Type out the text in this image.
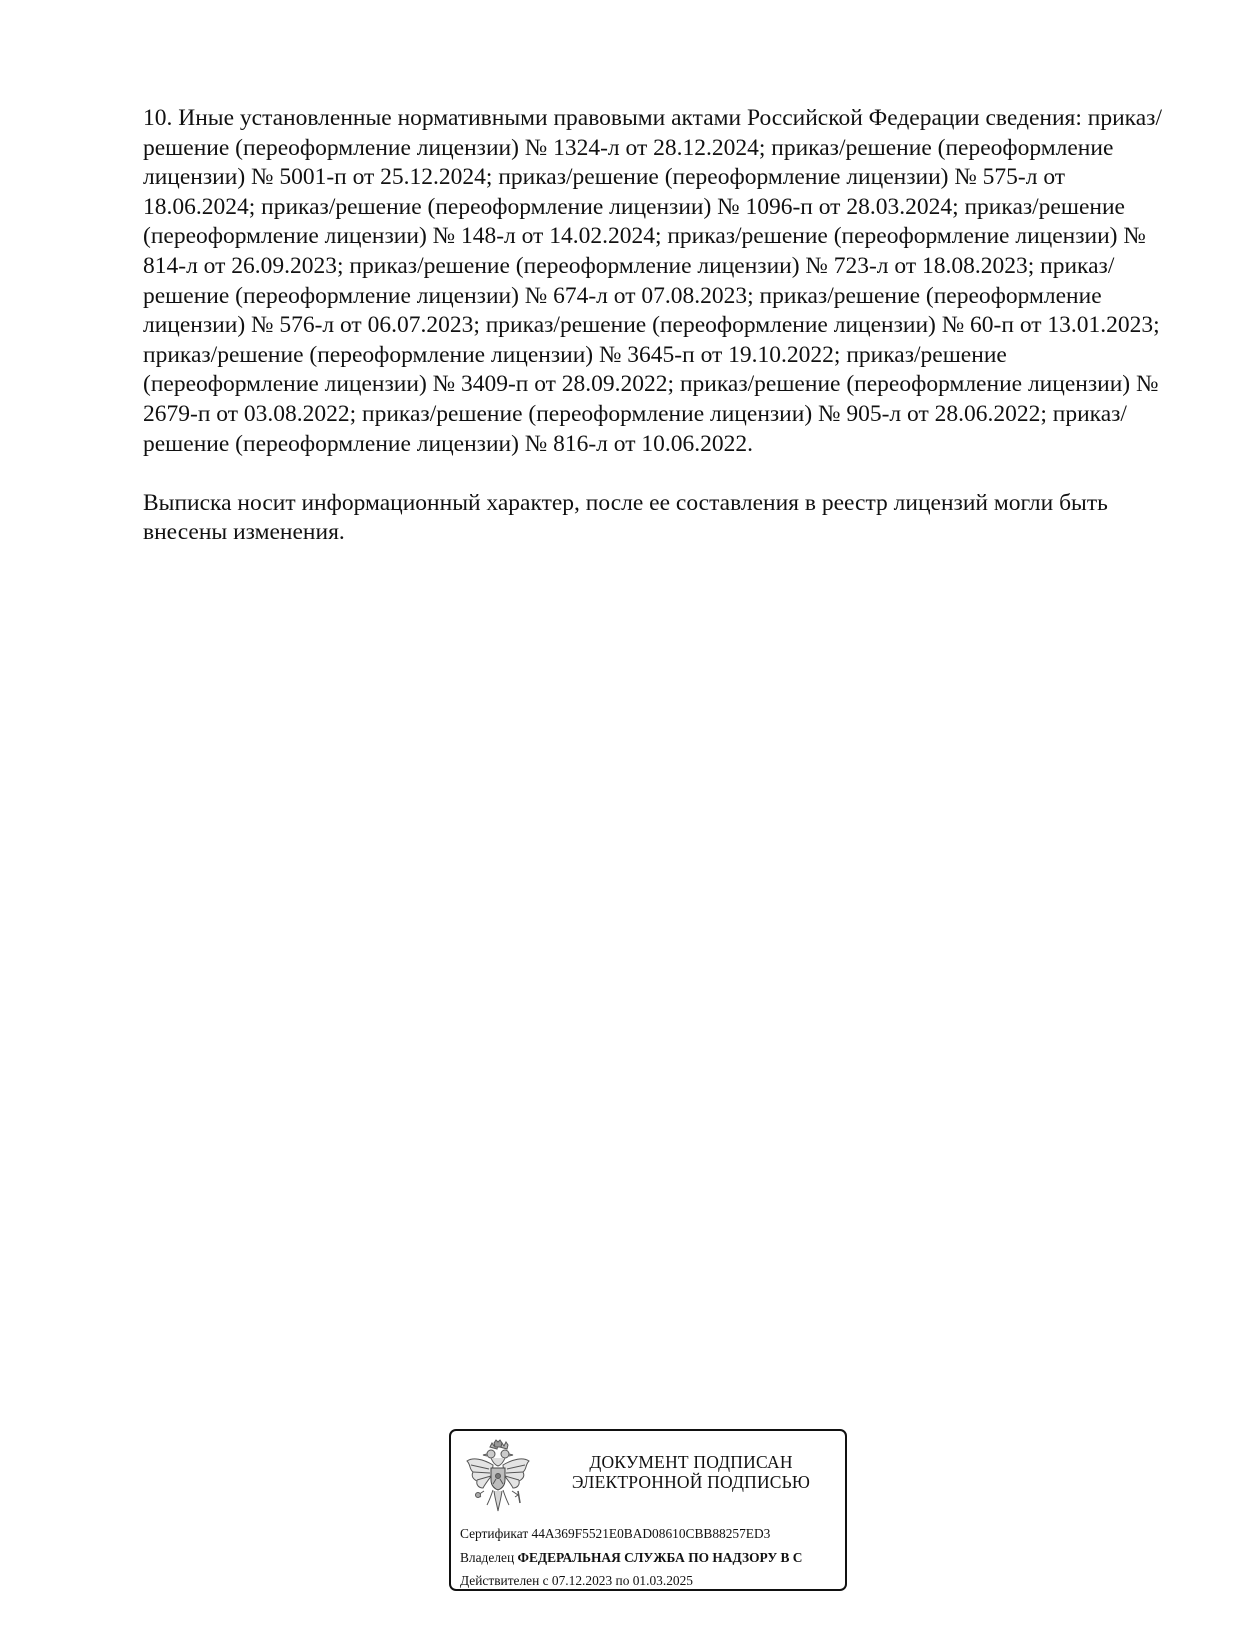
10. Иные установленные нормативными правовыми актами Российской Федерации сведения: приказ/решение (переоформление лицензии) № 1324-л от 28.12.2024; приказ/решение (переоформление лицензии) № 5001-п от 25.12.2024; приказ/решение (переоформление лицензии) № 575-л от 18.06.2024; приказ/решение (переоформление лицензии) № 1096-п от 28.03.2024; приказ/решение (переоформление лицензии) № 148-л от 14.02.2024; приказ/решение (переоформление лицензии) № 814-л от 26.09.2023; приказ/решение (переоформление лицензии) № 723-л от 18.08.2023; приказ/решение (переоформление лицензии) № 674-л от 07.08.2023; приказ/решение (переоформление лицензии) № 576-л от 06.07.2023; приказ/решение (переоформление лицензии) № 60-п от 13.01.2023; приказ/решение (переоформление лицензии) № 3645-п от 19.10.2022; приказ/решение (переоформление лицензии) № 3409-п от 28.09.2022; приказ/решение (переоформление лицензии) № 2679-п от 03.08.2022; приказ/решение (переоформление лицензии) № 905-л от 28.06.2022; приказ/решение (переоформление лицензии) № 816-л от 10.06.2022.

Выписка носит информационный характер, после ее составления в реестр лицензий могли быть внесены изменения.

ДОКУМЕНТ ПОДПИСАН
ЭЛЕКТРОННОЙ ПОДПИСЬЮ
Сертификат 44A369F5521E0BAD08610CBB88257ED3
Владелец ФЕДЕРАЛЬНАЯ СЛУЖБА ПО НАДЗОРУ В С
Действителен с 07.12.2023 по 01.03.2025
